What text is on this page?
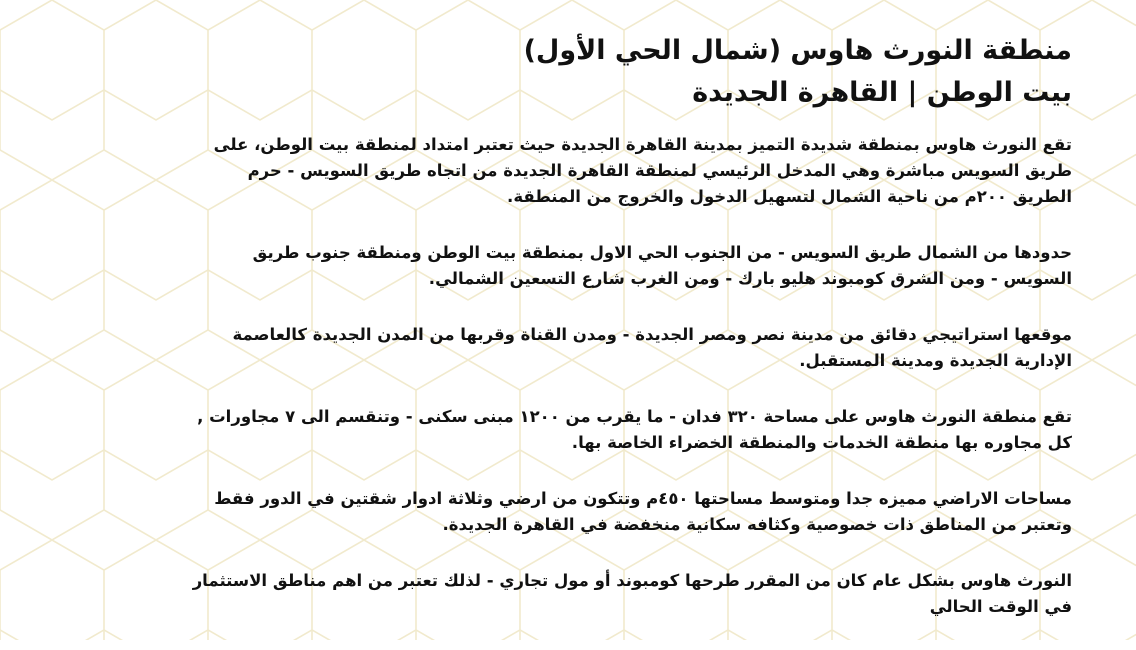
منطقة النورث هاوس (شمال الحي الأول)
بيت الوطن | القاهرة الجديدة

تقع النورث هاوس بمنطقة شديدة التميز بمدينة القاهرة الجديدة حيث تعتبر امتداد لمنطقة بيت الوطن، على
طريق السويس مباشرة وهي المدخل الرئيسي لمنطقة القاهرة الجديدة من اتجاه طريق السويس - حرم
الطريق ٢٠٠م من ناحية الشمال لتسهيل الدخول والخروج من المنطقة.

حدودها من الشمال طريق السويس - من الجنوب الحي الاول بمنطقة بيت الوطن ومنطقة جنوب طريق
السويس - ومن الشرق كومبوند هليو بارك - ومن الغرب شارع التسعين الشمالي.

موقعها استراتيجي دقائق من مدينة نصر ومصر الجديدة - ومدن القناة وقربها من المدن الجديدة كالعاصمة
الإدارية الجديدة ومدينة المستقبل.

تقع منطقة النورث هاوس على مساحة ٣٢٠ فدان - ما يقرب من ١٢٠٠ مبنى سكنى - وتنقسم الى ٧ مجاورات ,
كل مجاوره بها منطقة الخدمات والمنطقة الخضراء الخاصة بها.

مساحات الاراضي مميزه جدا ومتوسط مساحتها ٤٥٠م وتتكون من ارضي وثلاثة ادوار شقتين في الدور فقط
وتعتبر من المناطق ذات خصوصية وكثافه سكانية منخفضة في القاهرة الجديدة.

النورث هاوس بشكل عام كان من المقرر طرحها كومبوند أو مول تجاري - لذلك تعتبر من اهم مناطق الاستثمار
في الوقت الحالي
